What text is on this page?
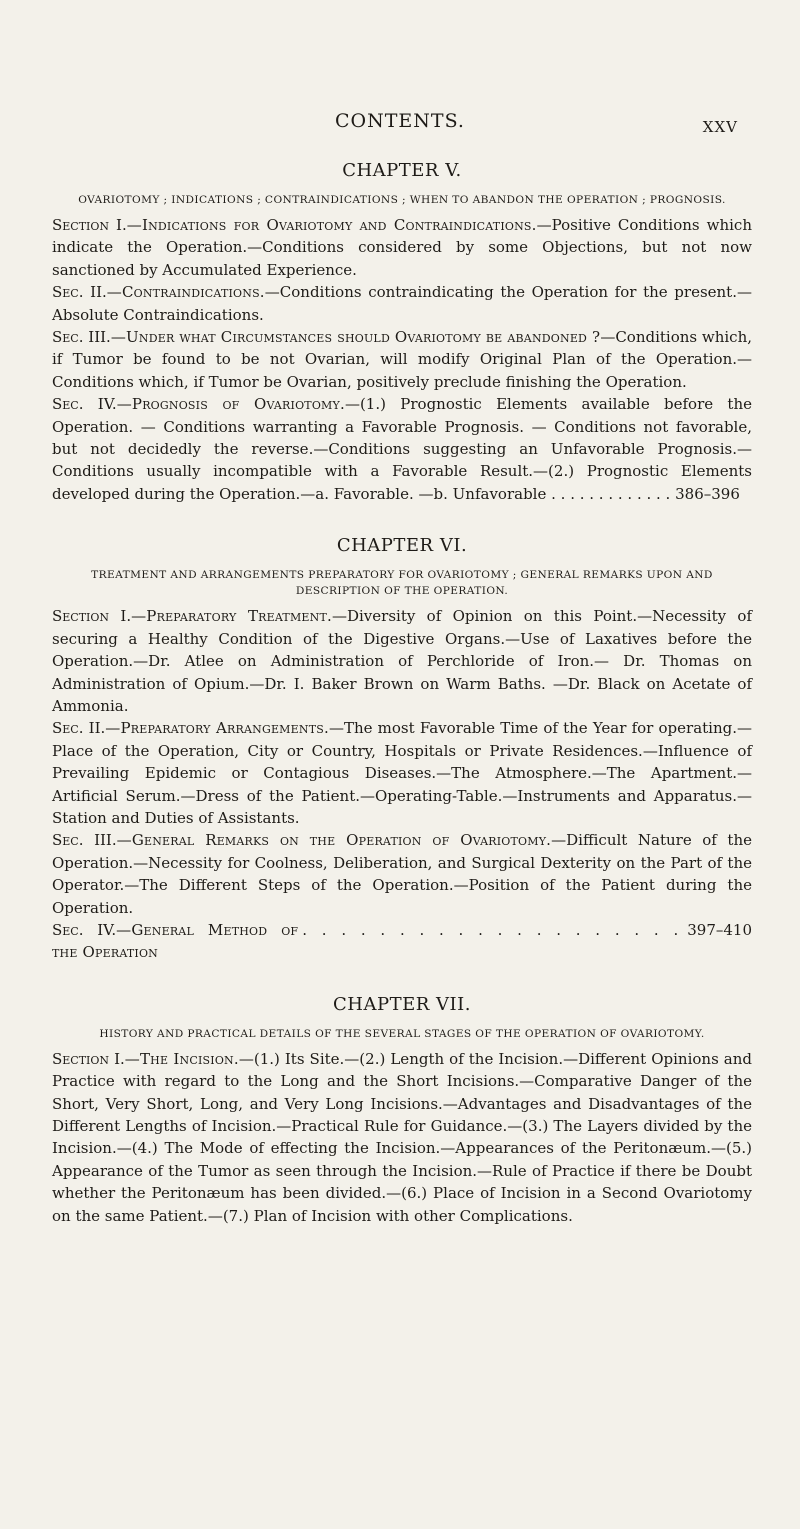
CONTENTS.	XXV
CHAPTER V.
OVARIOTOMY ; INDICATIONS ; CONTRAINDICATIONS ; WHEN TO ABANDON THE OPERATION ; PROGNOSIS.

Section I.—Indications for Ovariotomy and Contraindications.—Positive Conditions which indicate the Operation.—Conditions considered by some Objections, but not now sanctioned by Accumulated Experience.

Sec. II.—Contraindications.—Conditions contraindicating the Operation for the present.—Absolute Contraindications.

Sec. III.—Under what Circumstances should Ovariotomy be abandoned ?—Conditions which, if Tumor be found to be not Ovarian, will modify Original Plan of the Operation.—Conditions which, if Tumor be Ovarian, positively preclude finishing the Operation.

Sec. IV.—Prognosis of Ovariotomy.—(1.) Prognostic Elements available before the Operation. — Conditions warranting a Favorable Prognosis. — Conditions not favorable, but not decidedly the reverse.—Conditions suggesting an Unfavorable Prognosis.—Conditions usually incompatible with a Favorable Result.—(2.) Prognostic Elements developed during the Operation.—a. Favorable. —b. Unfavorable . . . . . . . . . . . . . 386–396

CHAPTER VI.
TREATMENT AND ARRANGEMENTS PREPARATORY FOR OVARIOTOMY ; GENERAL REMARKS UPON AND DESCRIPTION OF THE OPERATION.

Section I.—Preparatory Treatment.—Diversity of Opinion on this Point.—Necessity of securing a Healthy Condition of the Digestive Organs.—Use of Laxatives before the Operation.—Dr. Atlee on Administration of Perchloride of Iron.— Dr. Thomas on Administration of Opium.—Dr. I. Baker Brown on Warm Baths. —Dr. Black on Acetate of Ammonia.

Sec. II.—Preparatory Arrangements.—The most Favorable Time of the Year for operating.—Place of the Operation, City or Country, Hospitals or Private Residences.—Influence of Prevailing Epidemic or Contagious Diseases.—The Atmosphere.—The Apartment.—Artificial Serum.—Dress of the Patient.—Operating-Table.—Instruments and Apparatus.—Station and Duties of Assistants.

Sec. III.—General Remarks on the Operation of Ovariotomy.—Difficult Nature of the Operation.—Necessity for Coolness, Deliberation, and Surgical Dexterity on the Part of the Operator.—The Different Steps of the Operation.—Position of the Patient during the Operation.

Sec. IV.—General Method of the Operation
. . . . . . . . . . . . . . . . . . . . 397–410

CHAPTER VII.
HISTORY AND PRACTICAL DETAILS OF THE SEVERAL STAGES OF THE OPERATION OF OVARIOTOMY.

Section I.—The Incision.—(1.) Its Site.—(2.) Length of the Incision.—Different Opinions and Practice with regard to the Long and the Short Incisions.—Comparative Danger of the Short, Very Short, Long, and Very Long Incisions.—Advantages and Disadvantages of the Different Lengths of Incision.—Practical Rule for Guidance.—(3.) The Layers divided by the Incision.—(4.) The Mode of effecting the Incision.—Appearances of the Peritonæum.—(5.) Appearance of the Tumor as seen through the Incision.—Rule of Practice if there be Doubt whether the Peritonæum has been divided.—(6.) Place of Incision in a Second Ovariotomy on the same Patient.—(7.) Plan of Incision with other Complications.
